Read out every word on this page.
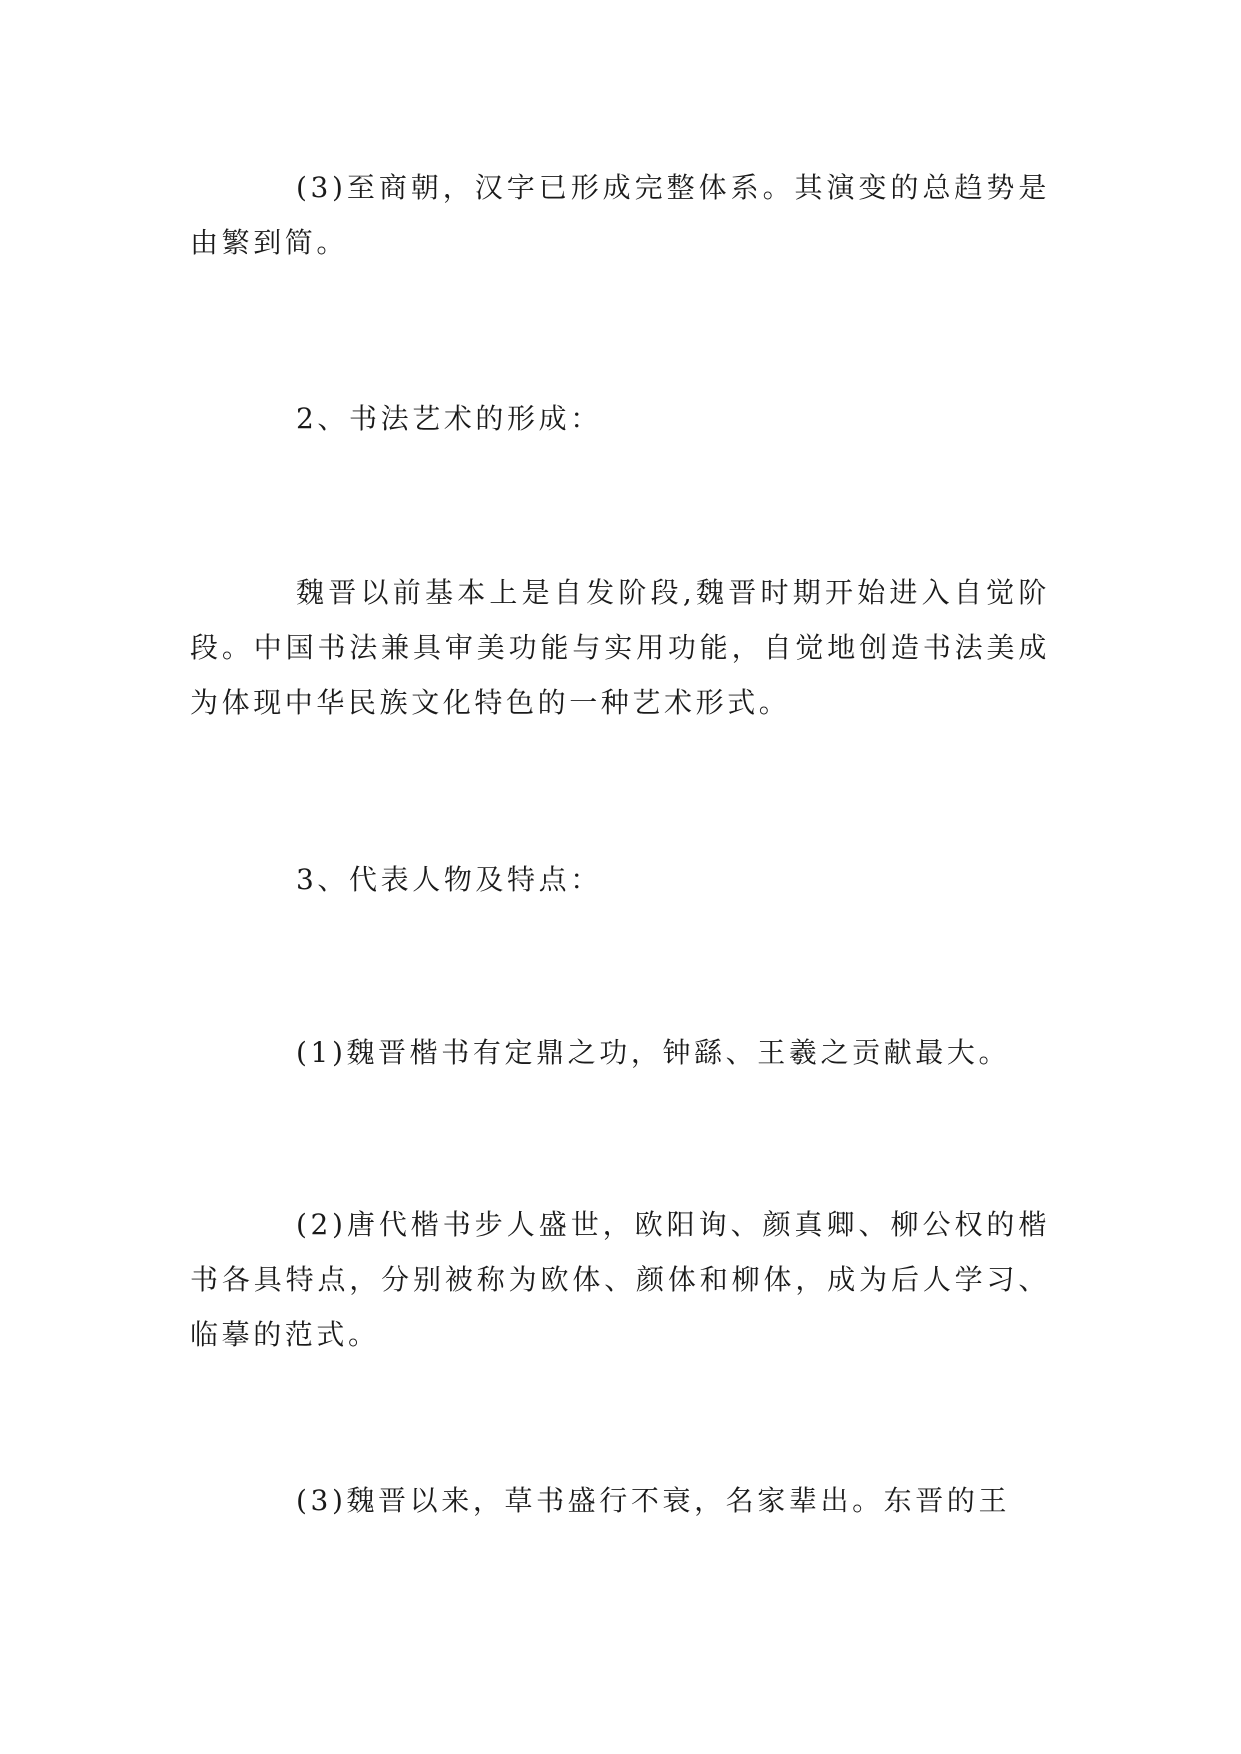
(3)至商朝，汉字已形成完整体系。其演变的总趋势是由繁到简。

2、书法艺术的形成：

魏晋以前基本上是自发阶段,魏晋时期开始进入自觉阶段。中国书法兼具审美功能与实用功能，自觉地创造书法美成为体现中华民族文化特色的一种艺术形式。

3、代表人物及特点：

(1)魏晋楷书有定鼎之功，钟繇、王羲之贡献最大。

(2)唐代楷书步人盛世，欧阳询、颜真卿、柳公权的楷书各具特点，分别被称为欧体、颜体和柳体，成为后人学习、临摹的范式。

(3)魏晋以来，草书盛行不衰，名家辈出。东晋的王
